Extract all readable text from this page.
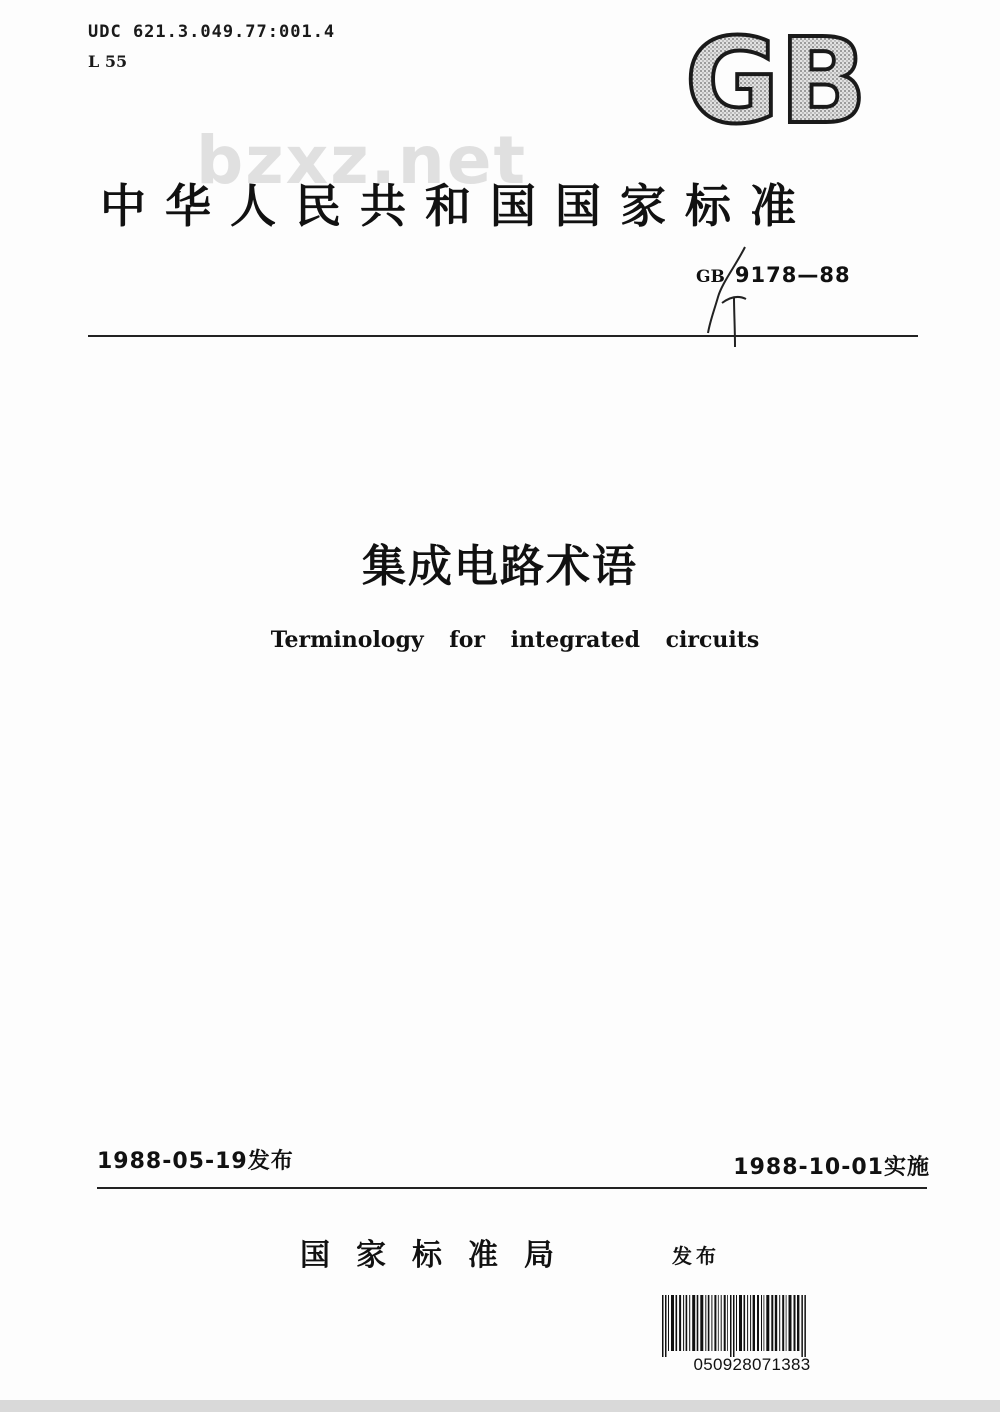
UDC 621.3.049.77:001.4
L 55	GB
bzxz.net
中华人民共和国国家标准
GB 9178—88
集成电路术语
Terminology for integrated circuits
1988-05-19发布	1988-10-01实施
国家标准局	发布
050928071383
